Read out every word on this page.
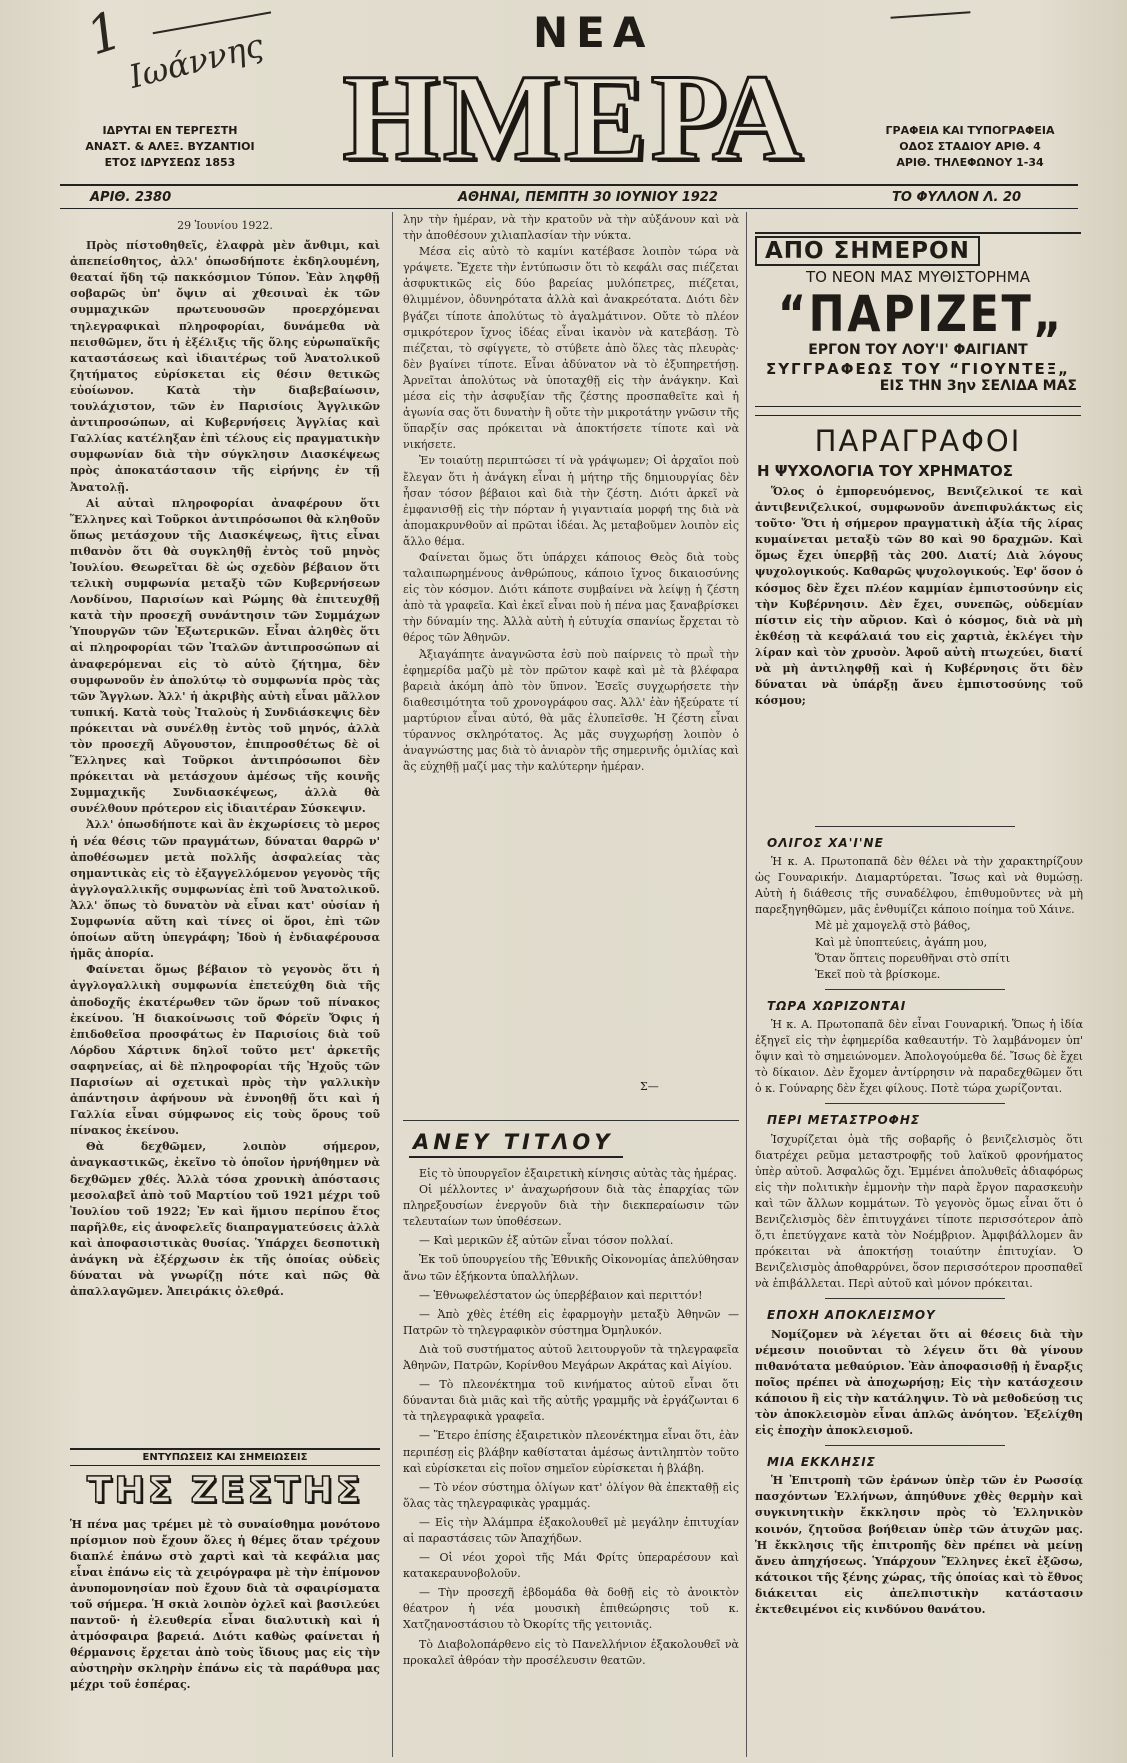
1
Ιωάννης	ΝΕΑ
ΗΜΕΡΑ
ΙΔΡΥΤΑΙ ΕΝ ΤΕΡΓΕΣΤΗ
ΑΝΑΣΤ. & ΑΛΕΞ. ΒΥΖΑΝΤΙΟΙ
ΕΤΟΣ ΙΔΡΥΣΕΩΣ 1853
ΓΡΑΦΕΙΑ ΚΑΙ ΤΥΠΟΓΡΑΦΕΙΑ
ΟΔΟΣ ΣΤΑΔΙΟΥ ΑΡΙΘ. 4
ΑΡΙΘ. ΤΗΛΕΦΩΝΟΥ 1-34
ΑΡΙΘ. 2380	ΑΘΗΝΑΙ, ΠΕΜΠΤΗ 30 ΙΟΥΝΙΟΥ 1922	ΤΟ ΦΥΛΛΟΝ Λ. 20
29 Ἰουνίου 1922.

Πρὸς πίστοθηθεῖς, ἐλαφρὰ μὲν ἄνθιμι, καὶ ἀπεπείσθητος, ἀλλ' ὁπωσδήποτε ἐκδηλουμένη, θεαταί ἤδη τῷ πακκόσμιον Τύπον. Ἐὰν ληφθῇ σοβαρῶς ὑπ' ὄψιν αἱ χθεσιναὶ ἐκ τῶν συμμαχικῶν πρωτευουσῶν προερχόμεναι τηλεγραφικαὶ πληροφορίαι, δυνάμεθα νὰ πεισθῶμεν, ὅτι ἡ ἐξέλιξις τῆς ὅλης εὐρωπαϊκῆς καταστάσεως καὶ ἰδιαιτέρως τοῦ Ἀνατολικοῦ ζητήματος εὑρίσκεται εἰς θέσιν θετικῶς εὐοίωνον. Κατὰ τὴν διαβεβαίωσιν, τουλάχιστον, τῶν ἐν Παρισίοις Ἀγγλικῶν ἀντιπροσώπων, αἱ Κυβερνήσεις Ἀγγλίας καὶ Γαλλίας κατέληξαν ἐπὶ τέλους εἰς πραγματικὴν συμφωνίαν διὰ τὴν σύγκλησιν Διασκέψεως πρὸς ἀποκατάστασιν τῆς εἰρήνης ἐν τῇ Ἀνατολῇ.

Αἱ αὐταὶ πληροφορίαι ἀναφέρουν ὅτι Ἕλληνες καὶ Τοῦρκοι ἀντιπρόσωποι θὰ κληθοῦν ὅπως μετάσχουν τῆς Διασκέψεως, ἣτις εἶναι πιθανὸν ὅτι θὰ συγκληθῇ ἐντὸς τοῦ μηνὸς Ἰουλίου. Θεωρεῖται δὲ ὡς σχεδὸν βέβαιον ὅτι τελικὴ συμφωνία μεταξὺ τῶν Κυβερνήσεων Λονδίνου, Παρισίων καὶ Ρώμης θὰ ἐπιτευχθῇ κατὰ τὴν προσεχῆ συνάντησιν τῶν Συμμάχων Ὑπουργῶν τῶν Ἐξωτερικῶν. Εἶναι ἀληθὲς ὅτι αἱ πληροφορίαι τῶν Ἰταλῶν ἀντιπροσώπων αἱ ἀναφερόμεναι εἰς τὸ αὐτὸ ζήτημα, δὲν συμφωνοῦν ἐν ἀπολύτῳ τὸ συμφωνία πρὸς τὰς τῶν Ἄγγλων. Ἀλλ' ἡ ἀκριβὴς αὐτὴ εἶναι μᾶλλον τυπική. Κατὰ τοὺς Ἰταλοὺς ἡ Συνδιάσκεψις δὲν πρόκειται νὰ συνέλθῃ ἐντὸς τοῦ μηνός, ἀλλὰ τὸν προσεχῆ Αὔγουστον, ἐπιπροσθέτως δὲ οἱ Ἕλληνες καὶ Τοῦρκοι ἀντιπρόσωποι δὲν πρόκειται νὰ μετάσχουν ἀμέσως τῆς κοινῆς Συμμαχικῆς Συνδιασκέψεως, ἀλλὰ θὰ συνέλθουν πρότερον εἰς ἰδιαιτέραν Σύσκεψιν.

Ἀλλ' ὁπωσδήποτε καὶ ἂν ἐκχωρίσεις τὸ μερος ἡ νέα θέσις τῶν πραγμάτων, δύναται θαρρῶ ν' ἀποθέσωμεν μετὰ πολλῆς ἀσφαλείας τὰς σημαντικὰς εἰς τὸ ἐξαγγελλόμενον γεγονὸς τῆς ἀγγλογαλλικῆς συμφωνίας ἐπὶ τοῦ Ἀνατολικοῦ. Ἀλλ' ὅπως τὸ δυνατὸν νὰ εἶναι κατ' οὐσίαν ἡ Συμφωνία αὕτη καὶ τίνες οἱ ὅροι, ἐπὶ τῶν ὁποίων αὕτη ὑπεγράφη; Ἰδοὺ ἡ ἐνδιαφέρουσα ἡμᾶς ἀπορία.

Φαίνεται ὅμως βέβαιον τὸ γεγονὸς ὅτι ἡ ἀγγλογαλλικὴ συμφωνία ἐπετεύχθη διὰ τῆς ἀποδοχῆς ἑκατέρωθεν τῶν ὅρων τοῦ πίνακος ἐκείνου. Ἡ διακοίνωσις τοῦ Φόρεϊν Ὄφις ἡ ἐπιδοθεῖσα προσφάτως ἐν Παρισίοις διὰ τοῦ Λόρδου Χάρτινκ δηλοῖ τοῦτο μετ' ἀρκετῆς σαφηνείας, αἱ δὲ πληροφορίαι τῆς Ἠχοῦς τῶν Παρισίων αἱ σχετικαὶ πρὸς τὴν γαλλικὴν ἀπάντησιν ἀφήνουν νὰ ἐννοηθῇ ὅτι καὶ ἡ Γαλλία εἶναι σύμφωνος εἰς τοὺς ὅρους τοῦ πίνακος ἐκείνου.

Θὰ δεχθῶμεν, λοιπὸν σήμερον, ἀναγκαστικῶς, ἐκεῖνο τὸ ὁποῖον ἠρνήθημεν νὰ δεχθῶμεν χθές. Ἀλλὰ τόσα χρονικὴ ἀπόστασις μεσολαβεῖ ἀπὸ τοῦ Μαρτίου τοῦ 1921 μέχρι τοῦ Ἰουλίου τοῦ 1922; Ἐν καὶ ἥμισυ περίπου ἔτος παρῆλθε, εἰς ἀνοφελεῖς διαπραγματεύσεις ἀλλὰ καὶ ἀποφασιστικὰς θυσίας. Ὑπάρχει δεσποτικὴ ἀνάγκη νὰ ἐξέρχωσιν ἐκ τῆς ὁποίας οὐδεὶς δύναται νὰ γνωρίζῃ πότε καὶ πῶς θὰ ἀπαλλαγῶμεν. Ἀπειράκις ὀλεθρά.

ΕΝΤΥΠΩΣΕΙΣ ΚΑΙ ΣΗΜΕΙΩΣΕΙΣ
ΤΗΣ ΖΕΣΤΗΣ
Ἡ πένα μας τρέμει μὲ τὸ συναίσθημα μονότονο πρίσμιον ποὺ ἔχουν ὅλες ἡ θέμες ὅταν τρέχουν διαπλέ ἐπάνω στὸ χαρτὶ καὶ τὰ κεφάλια μας εἶναι ἐπάνω εἰς τὰ χειρόγραφα μὲ τὴν ἐπίμονον ἀνυπομονησίαν ποὺ ἔχουν διὰ τὰ σφαιρίσματα τοῦ σήμερα. Ἡ σκιὰ λοιπὸν ὀχλεῖ καὶ βασιλεύει παντοῦ· ἡ ἐλευθερία εἶναι διαλυτικὴ καὶ ἡ ἀτμόσφαιρα βαρειά. Διότι καθὼς φαίνεται ἡ θέρμανσις ἔρχεται ἀπὸ τοὺς ἴδιους μας εἰς τὴν αὐστηρὴν σκληρὴν ἐπάνω εἰς τὰ παράθυρα μας μέχρι τοῦ ἑσπέρας.

λην τὴν ἡμέραν, νὰ τὴν κρατοῦν νὰ τὴν αὐξάνουν καὶ νὰ τὴν ἀποθέσουν χιλιαπλασίαν τὴν νύκτα.

Μέσα εἰς αὐτὸ τὸ καμίνι κατέβασε λοιπὸν τώρα νὰ γράψετε. Ἔχετε τὴν ἐντύπωσιν ὅτι τὸ κεφάλι σας πιέζεται ἀσφυκτικῶς εἰς δύο βαρείας μυλόπετρες, πιέζεται, θλιμμένον, ὀδυνηρότατα ἀλλὰ καὶ ἀνακρεότατα. Διότι δὲν βγάζει τίποτε ἀπολύτως τὸ ἀγαλμάτινον. Οὔτε τὸ πλέον σμικρότερον ἴχνος ἰδέας εἶναι ἱκανὸν νὰ κατεβάσῃ. Τὸ πιέζεται, τὸ σφίγγετε, τὸ στύβετε ἀπὸ ὅλες τὰς πλευρὰς· δὲν βγαίνει τίποτε. Εἶναι ἀδύνατον νὰ τὸ ἐξυπηρετήσῃ. Ἀρνεῖται ἀπολύτως νὰ ὑποταχθῇ εἰς τὴν ἀνάγκην. Καὶ μέσα εἰς τὴν ἀσφυξίαν τῆς ζέστης προσπαθεῖτε καὶ ἡ ἀγωνία σας ὅτι δυνατὴν ἢ οὔτε τὴν μικροτάτην γνῶσιν τῆς ὕπαρξίν σας πρόκειται νὰ ἀποκτήσετε τίποτε καὶ νὰ νικήσετε.

Ἐν τοιαύτῃ περιπτώσει τί νὰ γράψωμεν; Οἱ ἀρχαῖοι ποὺ ἔλεγαν ὅτι ἡ ἀνάγκη εἶναι ἡ μήτηρ τῆς δημιουργίας δὲν ἦσαν τόσον βέβαιοι καὶ διὰ τὴν ζέστη. Διότι ἀρκεῖ νὰ ἐμφανισθῇ εἰς τὴν πόρταν ἡ γιγαντιαία μορφή της διὰ νὰ ἀπομακρυνθοῦν αἱ πρῶται ἰδέαι. Ἀς μεταβοῦμεν λοιπὸν εἰς ἄλλο θέμα.

Φαίνεται ὅμως ὅτι ὑπάρχει κάποιος Θεὸς διὰ τοὺς ταλαιπωρημένους ἀνθρώπους, κάποιο ἴχνος δικαιοσύνης εἰς τὸν κόσμον. Διότι κάποτε συμβαίνει νὰ λείψῃ ἡ ζέστη ἀπὸ τὰ γραφεῖα. Καὶ ἐκεῖ εἶναι ποὺ ἡ πένα μας ξαναβρίσκει τὴν δύναμίν της. Ἀλλὰ αὐτὴ ἡ εὐτυχία σπανίως ἔρχεται τὸ θέρος τῶν Ἀθηνῶν.

Ἀξιαγάπητε ἀναγνῶστα ἐσὺ ποὺ παίρνεις τὸ πρωῒ τὴν ἐφημερίδα μαζὺ μὲ τὸν πρῶτον καφὲ καὶ μὲ τὰ βλέφαρα βαρειὰ ἀκόμη ἀπὸ τὸν ὕπνον. Ἐσεῖς συγχωρήσετε τὴν διαθεσιμότητα τοῦ χρονογράφου σας. Ἀλλ' ἐὰν ἠξεύρατε τί μαρτύριον εἶναι αὐτό, θὰ μᾶς ἐλυπεῖσθε. Ἡ ζέστη εἶναι τύραννος σκληρότατος. Ἀς μᾶς συγχωρήσῃ λοιπὸν ὁ ἀναγνώστης μας διὰ τὸ ἀνιαρὸν τῆς σημερινῆς ὁμιλίας καὶ ἂς εὐχηθῇ μαζί μας τὴν καλύτερην ἡμέραν.

Σ—
ΑΝΕΥ ΤΙΤΛΟΥ

Εἰς τὸ ὑπουργεῖον ἐξαιρετικὴ κίνησις αὐτὰς τὰς ἡμέρας.

Οἱ μέλλοντες ν' ἀναχωρήσουν διὰ τὰς ἐπαρχίας τῶν πληρεξουσίων ἐνεργοῦν διὰ τὴν διεκπεραίωσιν τῶν τελευταίων των ὑποθέσεων.

— Καὶ μερικῶν ἐξ αὐτῶν εἶναι τόσον πολλαί.

Ἐκ τοῦ ὑπουργείου τῆς Ἐθνικῆς Οἰκονομίας ἀπελύθησαν ἄνω τῶν ἑξήκοντα ὑπαλλήλων.

— Ἐθνωφελέστατον ὡς ὑπερβέβαιον καὶ περιττόν!

— Ἀπὸ χθὲς ἐτέθη εἰς ἐφαρμογὴν μεταξὺ Ἀθηνῶν — Πατρῶν τὸ τηλεγραφικὸν σύστημα Ὀμηλυκόν.

Διὰ τοῦ συστήματος αὐτοῦ λειτουργοῦν τὰ τηλεγραφεῖα Ἀθηνῶν, Πατρῶν, Κορίνθου Μεγάρων Ακράτας καὶ Αἰγίου.

— Τὸ πλεονέκτημα τοῦ κινήματος αὐτοῦ εἶναι ὅτι δύνανται διὰ μιᾶς καὶ τῆς αὐτῆς γραμμῆς νὰ ἐργάζωνται 6 τὰ τηλεγραφικὰ γραφεῖα.

— Ἕτερο ἐπίσης ἐξαιρετικὸν πλεονέκτημα εἶναι ὅτι, ἐὰν περιπέσῃ εἰς βλάβην καθίσταται ἀμέσως ἀντιληπτὸν τοῦτο καὶ εὑρίσκεται εἰς ποῖον σημεῖον εὑρίσκεται ἡ βλάβη.

— Τὸ νέον σύστημα ὀλίγων κατ' ὀλίγον θὰ ἐπεκταθῇ εἰς ὅλας τὰς τηλεγραφικὰς γραμμάς.

— Εἰς τὴν Ἀλάμπρα ἐξακολουθεῖ μὲ μεγάλην ἐπιτυχίαν αἱ παραστάσεις τῶν Ἀπαχήδων.

— Οἱ νέοι χοροὶ τῆς Μάι Φρίτς ὑπεραρέσουν καὶ κατακεραυνοβολοῦν.

— Τὴν προσεχῆ ἑβδομάδα θὰ δοθῇ εἰς τὸ ἀνοικτὸν θέατρον ἡ νέα μουσικὴ ἐπιθεώρησις τοῦ κ. Χατζηανοστάσιου τὸ Ὀκορίτς τῆς γειτονιᾶς.

Τὸ Διαβολοπάρθενο εἰς τὸ Πανελλήνιον ἐξακολουθεῖ νὰ προκαλεῖ ἀθρόαν τὴν προσέλευσιν θεατῶν.

ΑΠΟ ΣΗΜΕΡΟΝ
ΤΟ ΝΕΟΝ ΜΑΣ ΜΥΘΙΣΤΟΡΗΜΑ
“ΠΑΡΙΖΕΤ„
ΕΡΓΟΝ ΤΟΥ ΛΟΥ'Ι' ΦΑΙΓΙΑΝΤ
ΣΥΓΓΡΑΦΕΩΣ ΤΟΥ “ΓΙΟΥΝΤΕΞ„
ΕΙΣ ΤΗΝ 3ην ΣΕΛΙΔΑ ΜΑΣ
ΠΑΡΑΓΡΑΦΟΙ
Η ΨΥΧΟΛΟΓΙΑ ΤΟΥ ΧΡΗΜΑΤΟΣ

Ὅλος ὁ ἐμπορευόμενος, Βενιζελικοί τε καὶ ἀντιβενιζελικοί, συμφωνοῦν ἀνεπιφυλάκτως εἰς τοῦτο· Ὅτι ἡ σήμερον πραγματικὴ ἀξία τῆς λίρας κυμαίνεται μεταξὺ τῶν 80 καὶ 90 δραχμῶν. Καὶ ὅμως ἔχει ὑπερβῇ τὰς 200. Διατί; Διὰ λόγους ψυχολογικούς. Καθαρῶς ψυχολογικούς. Ἐφ' ὅσον ὁ κόσμος δὲν ἔχει πλέον καμμίαν ἐμπιστοσύνην εἰς τὴν Κυβέρνησιν. Δὲν ἔχει, συνεπῶς, οὐδεμίαν πίστιν εἰς τὴν αὔριον. Καὶ ὁ κόσμος, διὰ νὰ μὴ ἐκθέσῃ τὰ κεφάλαιά του εἰς χαρτιὰ, ἐκλέγει τὴν λίραν καὶ τὸν χρυσὸν. Ἀφοῦ αὐτὴ πτωχεύει, διατί νὰ μὴ ἀντιληφθῇ καὶ ἡ Κυβέρνησις ὅτι δὲν δύναται νὰ ὑπάρξῃ ἄνευ ἐμπιστοσύνης τοῦ κόσμου;

ΟΛΙΓΟΣ ΧΑ'Ι'ΝΕ

Ἡ κ. Α. Πρωτοπαπᾶ δὲν θέλει νὰ τὴν χαρακτηρίζουν ὡς Γουναρικήν. Διαμαρτύρεται. Ἴσως καὶ νὰ θυμώσῃ. Αὐτὴ ἡ διάθεσις τῆς συναδέλφου, ἐπιθυμοῦντες νὰ μὴ παρεξηγηθῶμεν, μᾶς ἐνθυμίζει κάποιο ποίημα τοῦ Χάινε.

Μὲ μὲ χαμογελᾷ στὸ βάθος,
Καὶ μὲ ὑποπτεύεις, ἀγάπη μου,
Ὅταν ὅπτεις πορευθῆναι στὸ σπίτι
Ἐκεῖ ποὺ τὰ βρίσκομε.
ΤΩΡΑ ΧΩΡΙΖΟΝΤΑΙ

Ἡ κ. Α. Πρωτοπαπᾶ δὲν εἶναι Γουναρική. Ὅπως ἡ ἰδία ἐξηγεῖ εἰς τὴν ἐφημερίδα καθεαυτήν. Τὸ λαμβάνομεν ὑπ' ὄψιν καὶ τὸ σημειώνομεν. Ἀπολογούμεθα δέ. Ἴσως δὲ ἔχει τὸ δίκαιον. Δὲν ἔχομεν ἀντίρρησιν νὰ παραδεχθῶμεν ὅτι ὁ κ. Γούναρης δὲν ἔχει φίλους. Ποτὲ τώρα χωρίζονται.

ΠΕΡΙ ΜΕΤΑΣΤΡΟΦΗΣ

Ἰσχυρίζεται ὁμὰ τῆς σοβαρῆς ὁ βενιζελισμὸς ὅτι διατρέχει ρεῦμα μεταστροφῆς τοῦ λαϊκοῦ φρονήματος ὑπὲρ αὐτοῦ. Ἀσφαλῶς ὄχι. Ἐμμένει ἀπολυθεῖς ἀδιαφόρως εἰς τὴν πολιτικὴν ἐμμονὴν τὴν παρὰ ἔργον παρασκευὴν καὶ τῶν ἄλλων κομμάτων. Τὸ γεγονὸς ὅμως εἶναι ὅτι ὁ Βενιζελισμὸς δὲν ἐπιτυγχάνει τίποτε περισσότερον ἀπὸ ὅ,τι ἐπετύγχανε κατὰ τὸν Νοέμβριον. Ἀμφιβάλλομεν ἂν πρόκειται νὰ ἀποκτήσῃ τοιαύτην ἐπιτυχίαν. Ὁ Βενιζελισμὸς ἀποθαρρύνει, ὅσον περισσότερον προσπαθεῖ νὰ ἐπιβάλλεται. Περὶ αὐτοῦ καὶ μόνον πρόκειται.

ΕΠΟΧΗ ΑΠΟΚΛΕΙΣΜΟΥ

Νομίζομεν νὰ λέγεται ὅτι αἱ θέσεις διὰ τὴν νέμεσιν ποιοῦνται τὸ λέγειν ὅτι θὰ γίνουν πιθανότατα μεθαύριον. Ἐὰν ἀποφασισθῇ ἡ ἔναρξις ποῖος πρέπει νὰ ἀποχωρήσῃ; Εἰς τὴν κατάσχεσιν κάποιου ἢ εἰς τὴν κατάληψιν. Τὸ νὰ μεθοδεύσῃ τις τὸν ἀποκλεισμὸν εἶναι ἁπλῶς ἀνόητον. Ἐξελίχθη εἰς ἐποχὴν ἀποκλεισμοῦ.

ΜΙΑ ΕΚΚΛΗΣΙΣ

Ἡ Ἐπιτροπὴ τῶν ἐράνων ὑπὲρ τῶν ἐν Ρωσσίᾳ πασχόντων Ἑλλήνων, ἀπηύθυνε χθὲς θερμὴν καὶ συγκινητικὴν ἔκκλησιν πρὸς τὸ Ἑλληνικὸν κοινόν, ζητοῦσα βοήθειαν ὑπὲρ τῶν ἀτυχῶν μας. Ἡ ἔκκλησις τῆς ἐπιτροπῆς δὲν πρέπει νὰ μείνῃ ἄνευ ἀπηχήσεως. Ὑπάρχουν Ἕλληνες ἐκεῖ ἐξῶσω, κάτοικοι τῆς ξένης χώρας, τῆς ὁποίας καὶ τὸ ἔθνος διάκειται εἰς ἀπελπιστικὴν κατάστασιν ἐκτεθειμένοι εἰς κινδύνου θανάτου.
